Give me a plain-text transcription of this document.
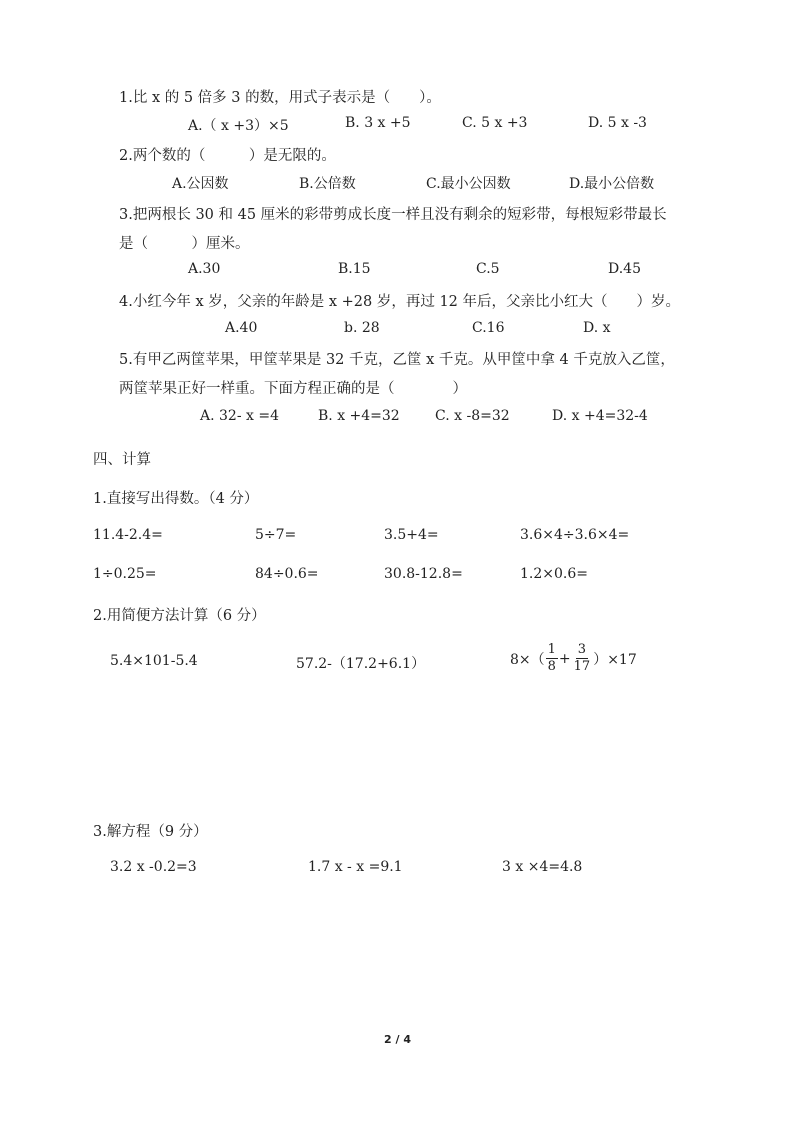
1.比 x 的 5 倍多 3 的数，用式子表示是（　　）。
A.（ x +3）×5	B. 3 x +5	C. 5 x +3	D. 5 x -3
2.两个数的（　　　）是无限的。
A.公因数	B.公倍数	C.最小公因数	D.最小公倍数
3.把两根长 30 和 45 厘米的彩带剪成长度一样且没有剩余的短彩带，每根短彩带最长
是（　　　）厘米。
A.30	B.15	C.5	D.45
4.小红今年 x 岁，父亲的年龄是 x +28 岁，再过 12 年后，父亲比小红大（　　）岁。
A.40	b. 28	C.16	D. x
5.有甲乙两筐苹果，甲筐苹果是 32 千克，乙筐 x 千克。从甲筐中拿 4 千克放入乙筐，
两筐苹果正好一样重。下面方程正确的是（　　　　）
A. 32- x =4	B. x +4=32	C. x -8=32	D. x +4=32-4
四、计算
1.直接写出得数。（4 分）
11.4-2.4=	5÷7=	3.5+4=	3.6×4÷3.6×4=
1÷0.25=	84÷0.6=	30.8-12.8=	1.2×0.6=
2.用简便方法计算（6 分）
5.4×101-5.4	57.2-（17.2+6.1）	$8\times( \frac{1}{8} + \frac{3}{17} )\times 17$
3.解方程（9 分）
3.2 x -0.2=3	1.7 x - x =9.1	3 x ×4=4.8
2 / 4
